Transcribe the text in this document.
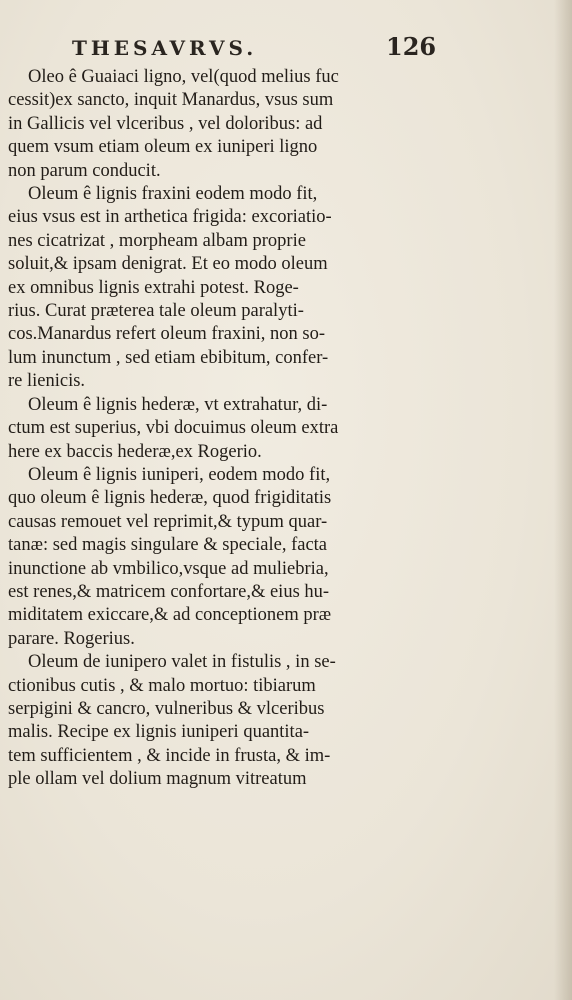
THESAVRVS.	126
Oleo ê Guaiaci ligno, vel(quod melius fuc
cessit)ex sancto, inquit Manardus, vsus sum
in Gallicis vel vlceribus , vel doloribus: ad
quem vsum etiam oleum ex iuniperi ligno
non parum conducit.
Oleum ê lignis fraxini eodem modo fit,
eius vsus est in arthetica frigida: excoriatio-
nes cicatrizat , morpheam albam proprie
soluit,& ipsam denigrat. Et eo modo oleum
ex omnibus lignis extrahi potest. Roge-
rius. Curat præterea tale oleum paralyti-
cos.Manardus refert oleum fraxini, non so-
lum inunctum , sed etiam ebibitum, confer-
re lienicis.
Oleum ê lignis hederæ, vt extrahatur, di-
ctum est superius, vbi docuimus oleum extra
here ex baccis hederæ,ex Rogerio.
Oleum ê lignis iuniperi, eodem modo fit,
quo oleum ê lignis hederæ, quod frigiditatis
causas remouet vel reprimit,& typum quar-
tanæ: sed magis singulare & speciale, facta
inunctione ab vmbilico,vsque ad muliebria,
est renes,& matricem confortare,& eius hu-
miditatem exiccare,& ad conceptionem præ
parare. Rogerius.
Oleum de iunipero valet in fistulis , in se-
ctionibus cutis , & malo mortuo: tibiarum
serpigini & cancro, vulneribus & vlceribus
malis. Recipe ex lignis iuniperi quantita-
tem sufficientem , & incide in frusta, & im-
ple ollam vel dolium magnum vitreatum
